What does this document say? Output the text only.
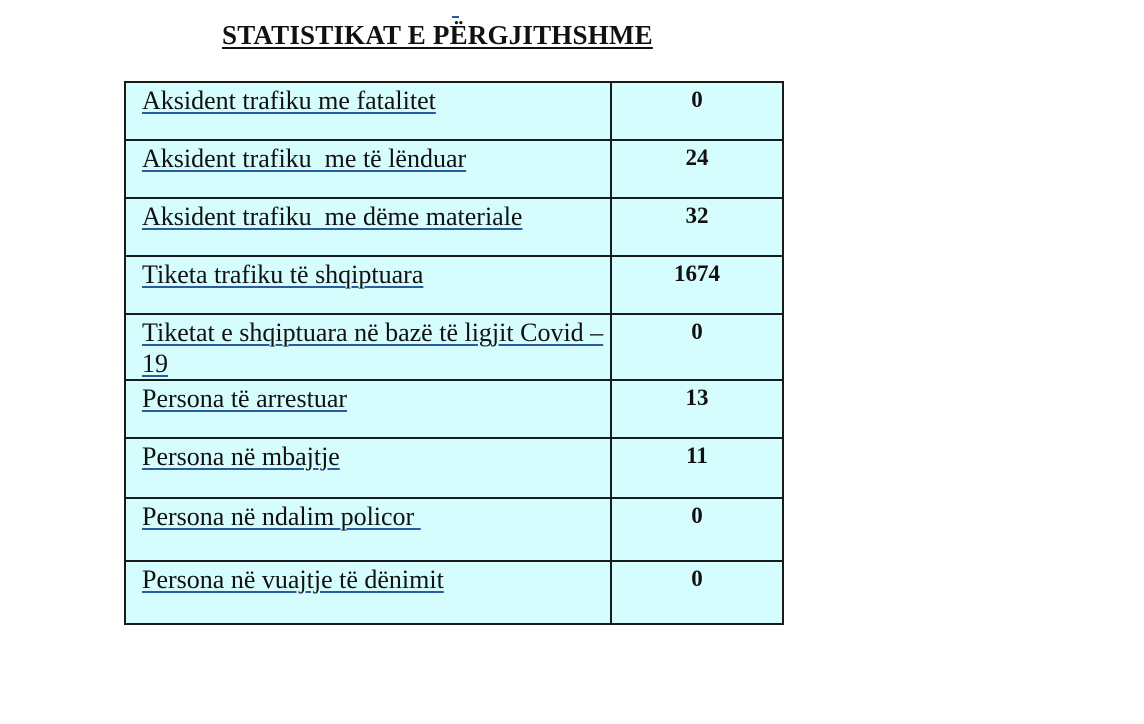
STATISTIKAT E PËRGJITHSHME
Aksident trafiku me fatalitet	0
Aksident trafiku  me të lënduar	24
Aksident trafiku  me dëme materiale	32
Tiketa trafiku të shqiptuara	1674
Tiketat e shqiptuara në bazë të ligjit Covid – 19	0
Persona të arrestuar	13
Persona në mbajtje	11
Persona në ndalim policor	0
Persona në vuajtje të dënimit	0
